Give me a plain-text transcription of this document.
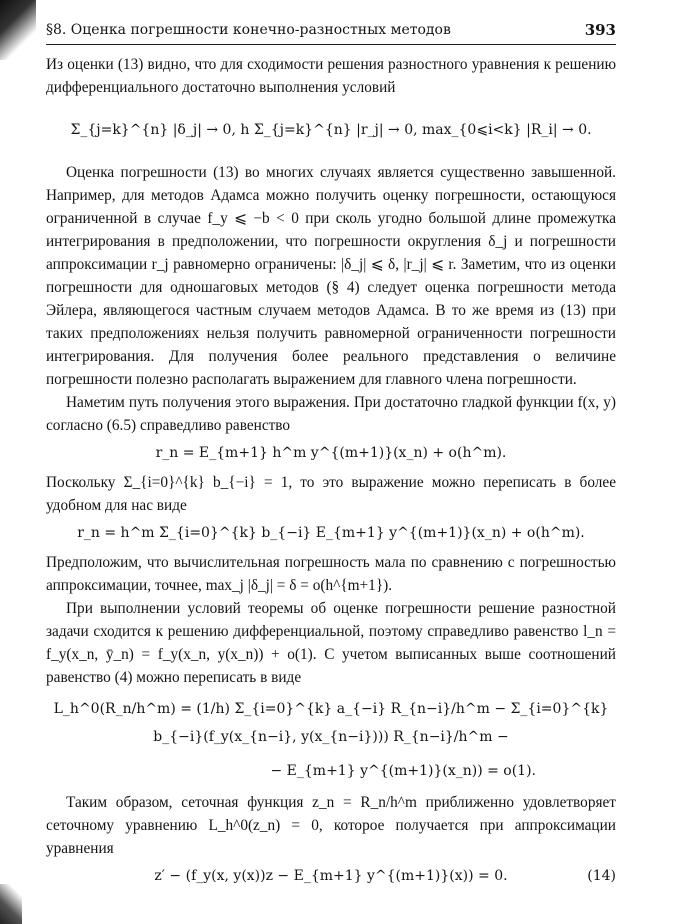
§8. Оценка погрешности конечно-разностных методов	393

Из оценки (13) видно, что для сходимости решения разностного уравнения к решению дифференциального достаточно выполнения условий

Σ_{j=k}^{n} |δ_j| → 0, h Σ_{j=k}^{n} |r_j| → 0, max_{0⩽i<k} |R_i| → 0.

Оценка погрешности (13) во многих случаях является существенно завышенной. Например, для методов Адамса можно получить оценку погрешности, остающуюся ограниченной в случае f_y ⩽ −b < 0 при сколь угодно большой длине промежутка интегрирования в предположении, что погрешности округления δ_j и погрешности аппроксимации r_j равномерно ограничены: |δ_j| ⩽ δ, |r_j| ⩽ r. Заметим, что из оценки погрешности для одношаговых методов (§ 4) следует оценка погрешности метода Эйлера, являющегося частным случаем методов Адамса. В то же время из (13) при таких предположениях нельзя получить равномерной ограниченности погрешности интегрирования. Для получения более реального представления о величине погрешности полезно располагать выражением для главного члена погрешности.

Наметим путь получения этого выражения. При достаточно гладкой функции f(x, y) согласно (6.5) справедливо равенство

r_n = E_{m+1} h^m y^{(m+1)}(x_n) + o(h^m).

Поскольку Σ_{i=0}^{k} b_{−i} = 1, то это выражение можно переписать в более удобном для нас виде

r_n = h^m Σ_{i=0}^{k} b_{−i} E_{m+1} y^{(m+1)}(x_n) + o(h^m).

Предположим, что вычислительная погрешность мала по сравнению с погрешностью аппроксимации, точнее, max_j |δ_j| = δ = o(h^{m+1}).

При выполнении условий теоремы об оценке погрешности решение разностной задачи сходится к решению дифференциальной, поэтому справедливо равенство l_n = f_y(x_n, ȳ_n) = f_y(x_n, y(x_n)) + o(1). С учетом выписанных выше соотношений равенство (4) можно переписать в виде

L_h^0(R_n/h^m) = (1/h) Σ_{i=0}^{k} a_{−i} R_{n−i}/h^m − Σ_{i=0}^{k} b_{−i}(f_y(x_{n−i}, y(x_{n−i}))) R_{n−i}/h^m −
− E_{m+1} y^{(m+1)}(x_n)) = o(1).

Таким образом, сеточная функция z_n = R_n/h^m приближенно удовлетворяет сеточному уравнению L_h^0(z_n) = 0, которое получается при аппроксимации уравнения

z′ − (f_y(x, y(x))z − E_{m+1} y^{(m+1)}(x)) = 0.	(14)
